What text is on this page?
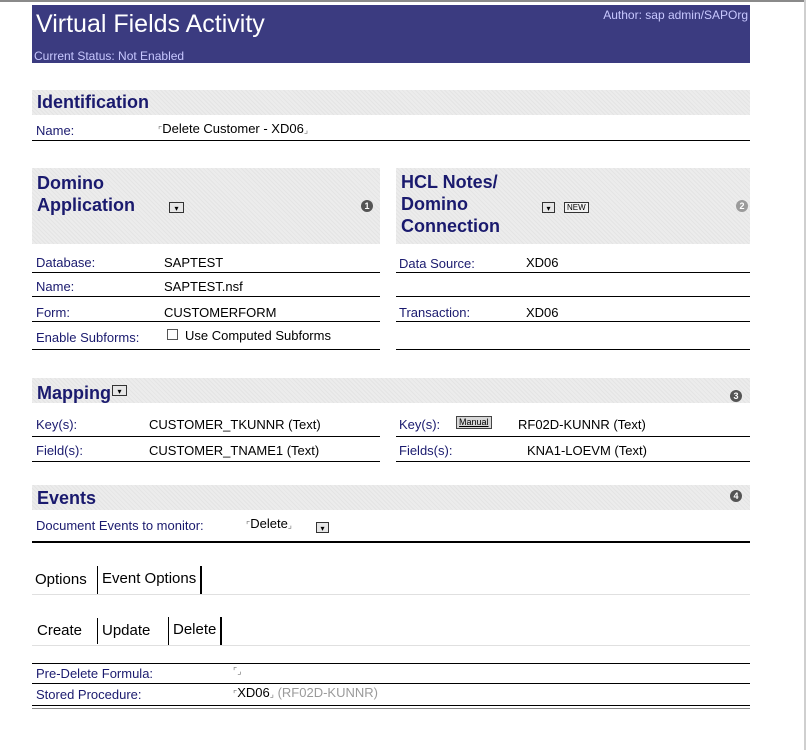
Virtual Fields Activity
Current Status: Not Enabled
Author: sap admin/SAPOrg
Identification
Name:	⌜Delete Customer - XD06⌟
Domino
Application	▾	1
HCL Notes/
Domino
Connection
▾	NEW	2
Database:	SAPTEST
Name:	SAPTEST.nsf
Form:	CUSTOMERFORM
Enable Subforms:	Use Computed Subforms
Data Source:	XD06
Transaction:	XD06
Mapping ▾	3
Key(s):	CUSTOMER_TKUNNR (Text)
Field(s):	CUSTOMER_TNAME1 (Text)
Key(s):	Manual RF02D-KUNNR (Text)
Fields(s):	KNA1-LOEVM (Text)
Events	4
Document Events to monitor:	⌜Delete⌟	▾
Options	Event Options
Create	Update	Delete
Pre-Delete Formula:	⌜⌟
Stored Procedure:	⌜XD06⌟ (RF02D-KUNNR)
